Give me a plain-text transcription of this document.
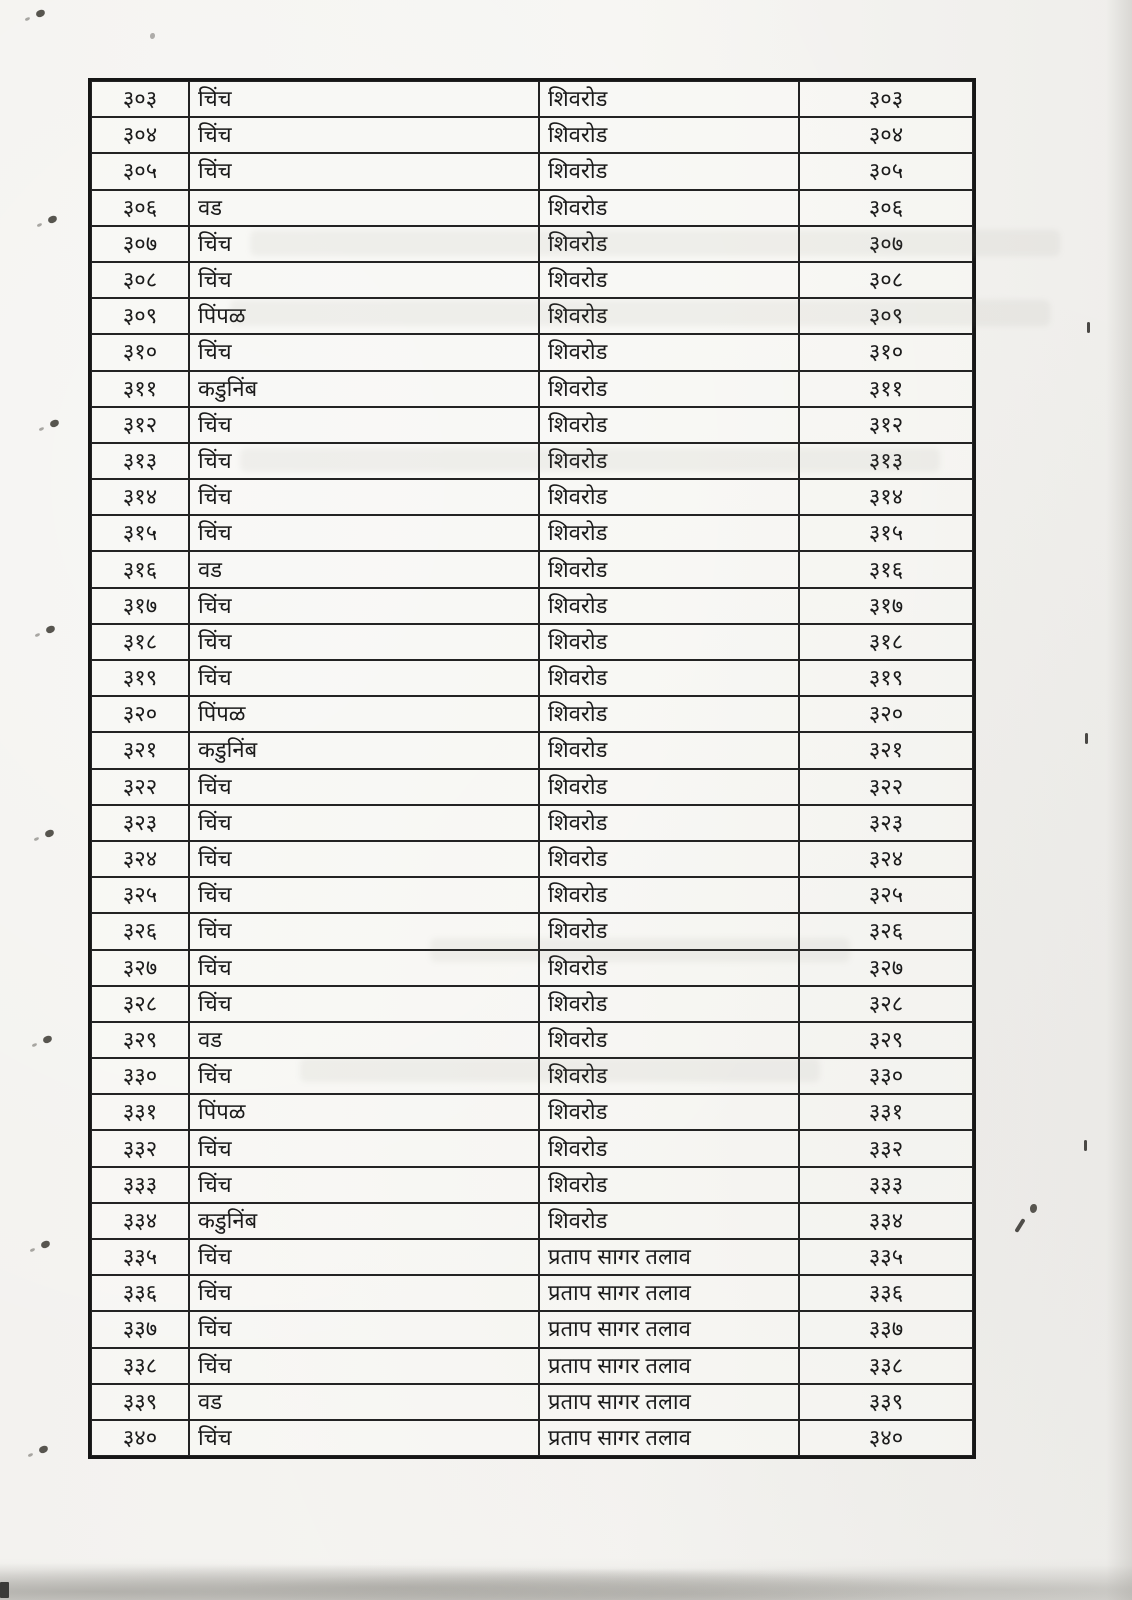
३०३	चिंच	शिवरोड	३०३
३०४	चिंच	शिवरोड	३०४
३०५	चिंच	शिवरोड	३०५
३०६	वड	शिवरोड	३०६
३०७	चिंच	शिवरोड	३०७
३०८	चिंच	शिवरोड	३०८
३०९	पिंपळ	शिवरोड	३०९
३१०	चिंच	शिवरोड	३१०
३११	कडुनिंब	शिवरोड	३११
३१२	चिंच	शिवरोड	३१२
३१३	चिंच	शिवरोड	३१३
३१४	चिंच	शिवरोड	३१४
३१५	चिंच	शिवरोड	३१५
३१६	वड	शिवरोड	३१६
३१७	चिंच	शिवरोड	३१७
३१८	चिंच	शिवरोड	३१८
३१९	चिंच	शिवरोड	३१९
३२०	पिंपळ	शिवरोड	३२०
३२१	कडुनिंब	शिवरोड	३२१
३२२	चिंच	शिवरोड	३२२
३२३	चिंच	शिवरोड	३२३
३२४	चिंच	शिवरोड	३२४
३२५	चिंच	शिवरोड	३२५
३२६	चिंच	शिवरोड	३२६
३२७	चिंच	शिवरोड	३२७
३२८	चिंच	शिवरोड	३२८
३२९	वड	शिवरोड	३२९
३३०	चिंच	शिवरोड	३३०
३३१	पिंपळ	शिवरोड	३३१
३३२	चिंच	शिवरोड	३३२
३३३	चिंच	शिवरोड	३३३
३३४	कडुनिंब	शिवरोड	३३४
३३५	चिंच	प्रताप सागर तलाव	३३५
३३६	चिंच	प्रताप सागर तलाव	३३६
३३७	चिंच	प्रताप सागर तलाव	३३७
३३८	चिंच	प्रताप सागर तलाव	३३८
३३९	वड	प्रताप सागर तलाव	३३९
३४०	चिंच	प्रताप सागर तलाव	३४०
